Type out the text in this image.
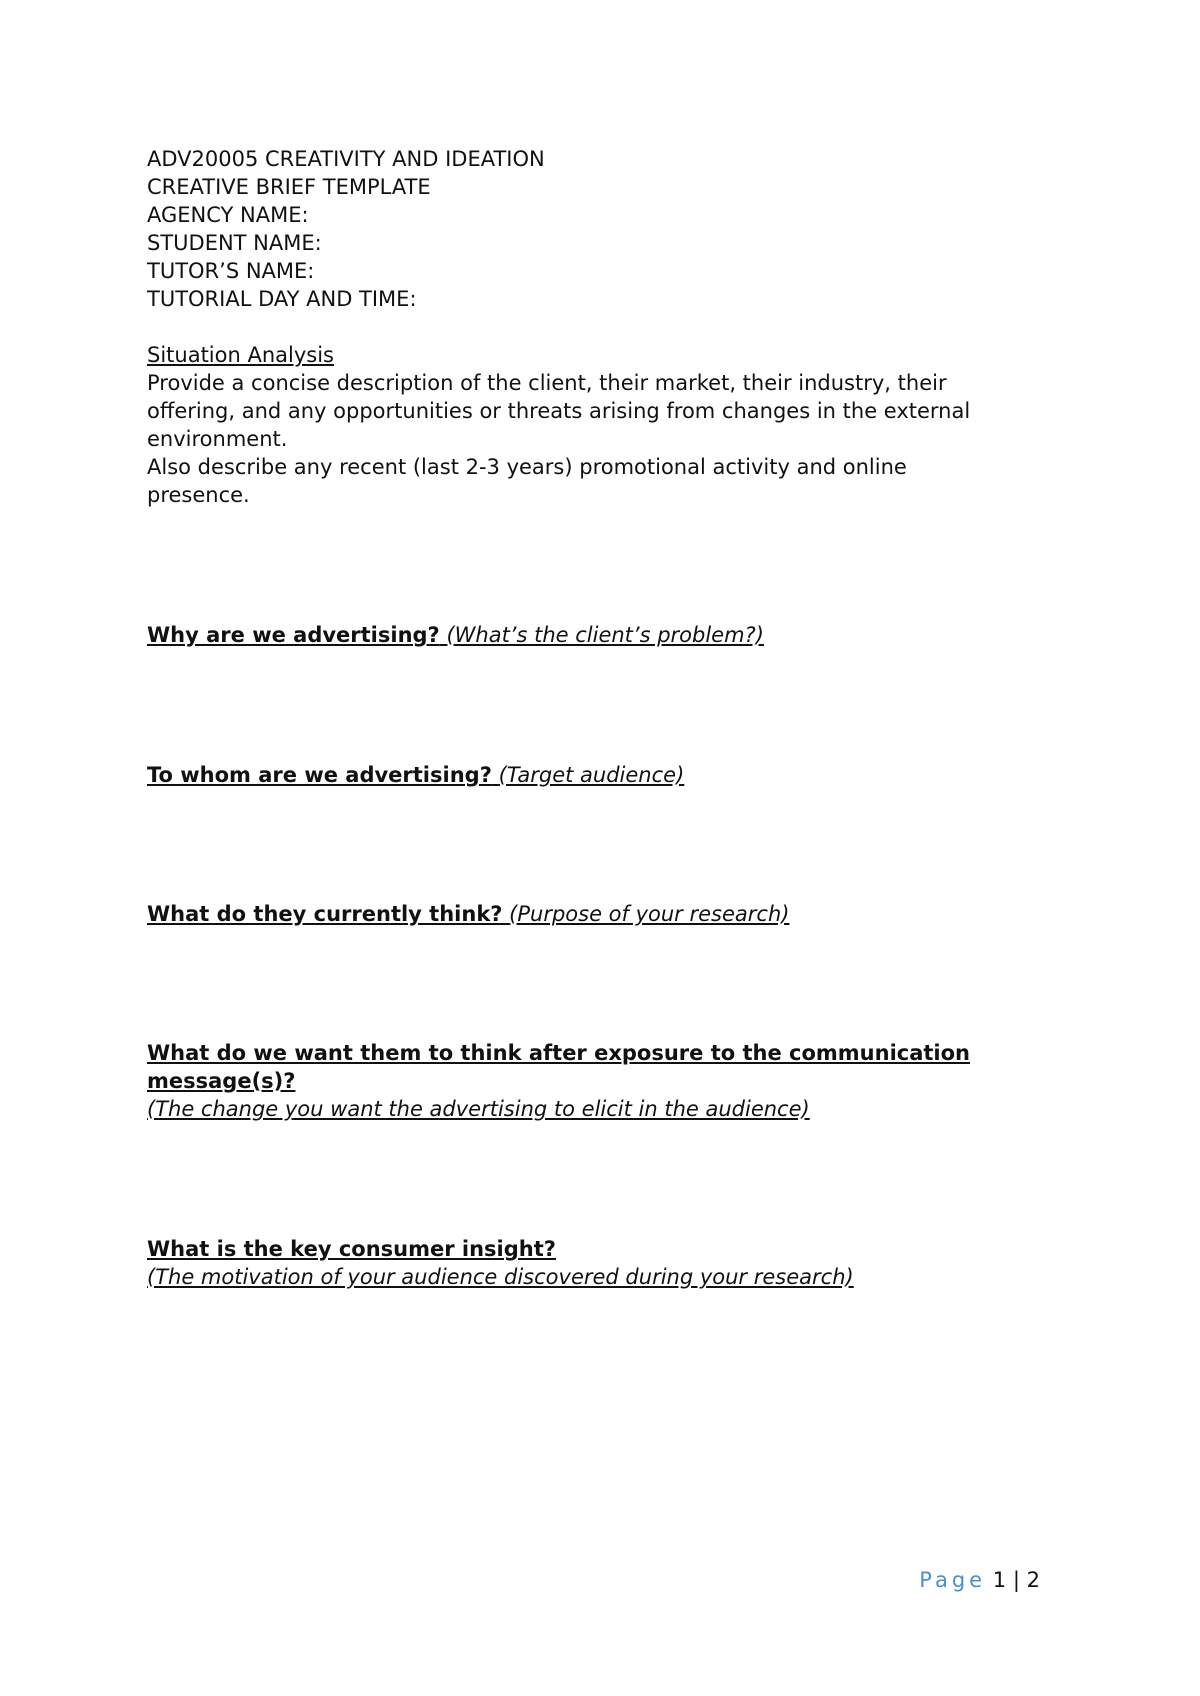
ADV20005 CREATIVITY AND IDEATION

CREATIVE BRIEF TEMPLATE

AGENCY NAME:

STUDENT NAME:

TUTOR’S NAME:

TUTORIAL DAY AND TIME:

Situation Analysis

Provide a concise description of the client, their market, their industry, their offering, and any opportunities or threats arising from changes in the external environment.

Also describe any recent (last 2-3 years) promotional activity and online presence.

Why are we advertising? (What’s the client’s problem?)

To whom are we advertising? (Target audience)

What do they currently think? (Purpose of your research)

What do we want them to think after exposure to the communication message(s)?

(The change you want the advertising to elicit in the audience)

What is the key consumer insight?

(The motivation of your audience discovered during your research)

Page 1 | 2
